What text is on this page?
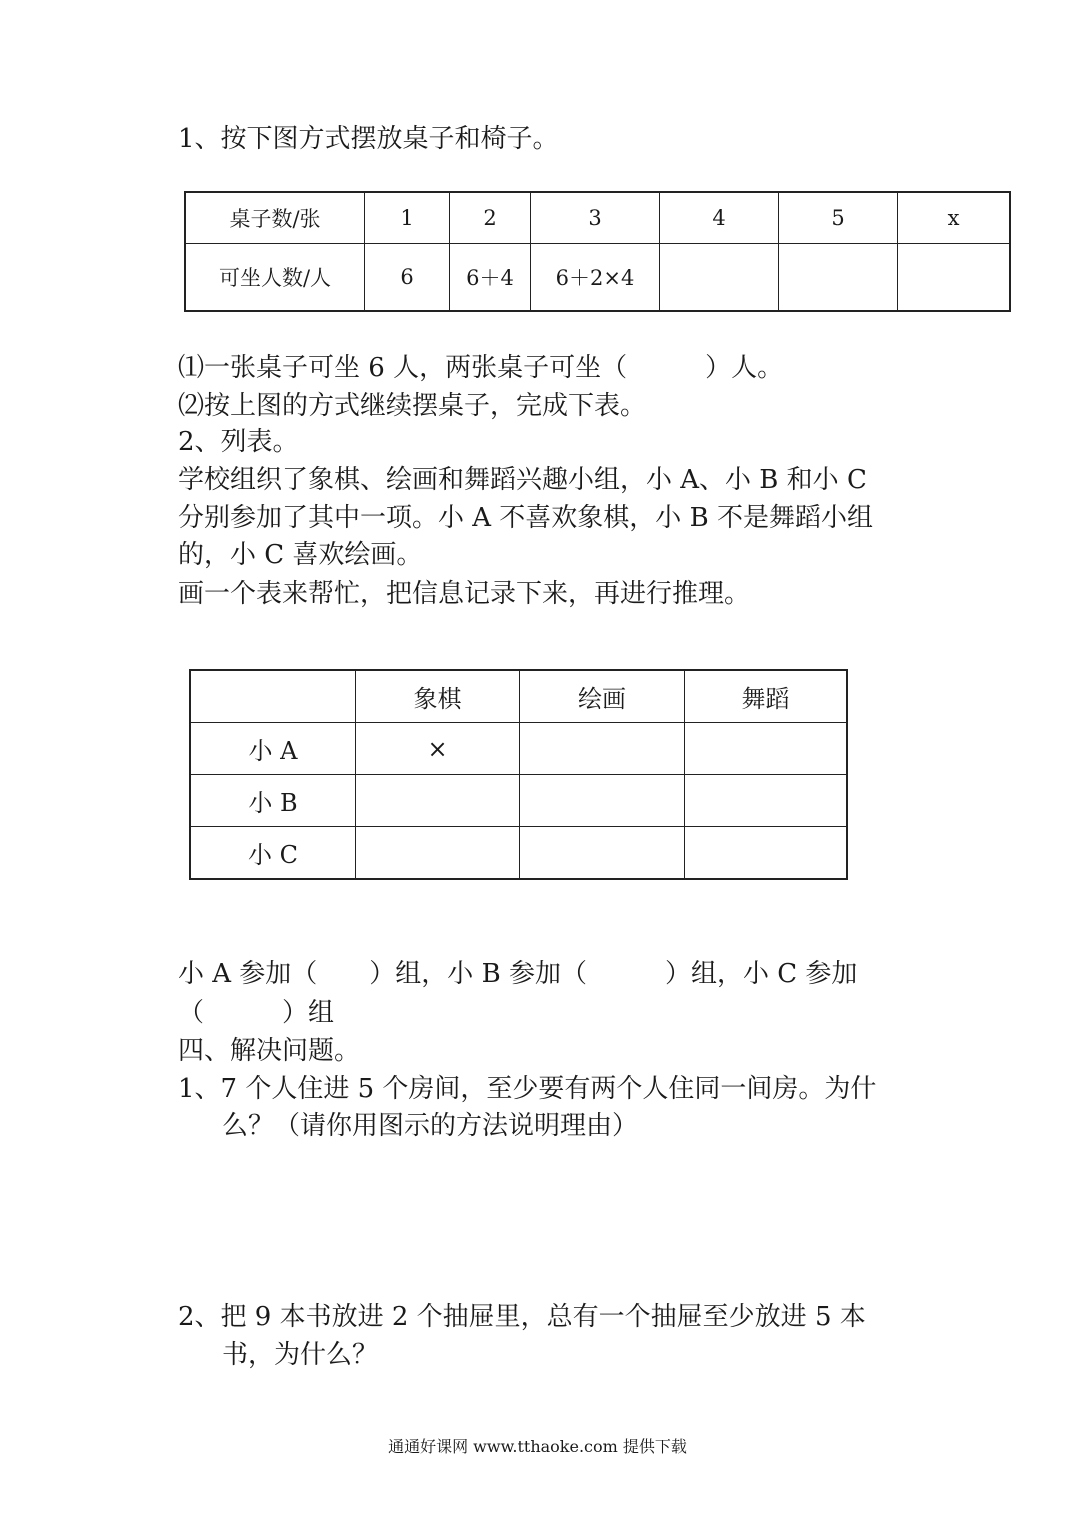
1、按下图方式摆放桌子和椅子。
桌子数/张	1	2	3	4	5	x
可坐人数/人	6	6＋4	6＋2×4			
⑴一张桌子可坐 6 人，两张桌子可坐（　　　）人。
⑵按上图的方式继续摆桌子，完成下表。
2、列表。
学校组织了象棋、绘画和舞蹈兴趣小组，小 A、小 B 和小 C
分别参加了其中一项。小 A 不喜欢象棋，小 B 不是舞蹈小组
的，小 C 喜欢绘画。
画一个表来帮忙，把信息记录下来，再进行推理。
	象棋	绘画	舞蹈
小 A	×		
小 B			
小 C			
小 A 参加（　　）组，小 B 参加（　　　）组，小 C 参加
（　　　）组
四、解决问题。
1、7 个人住进 5 个房间，至少要有两个人住同一间房。为什
么？（请你用图示的方法说明理由）
2、把 9 本书放进 2 个抽屉里，总有一个抽屉至少放进 5 本
书，为什么？
通通好课网 www.tthaoke.com 提供下载
